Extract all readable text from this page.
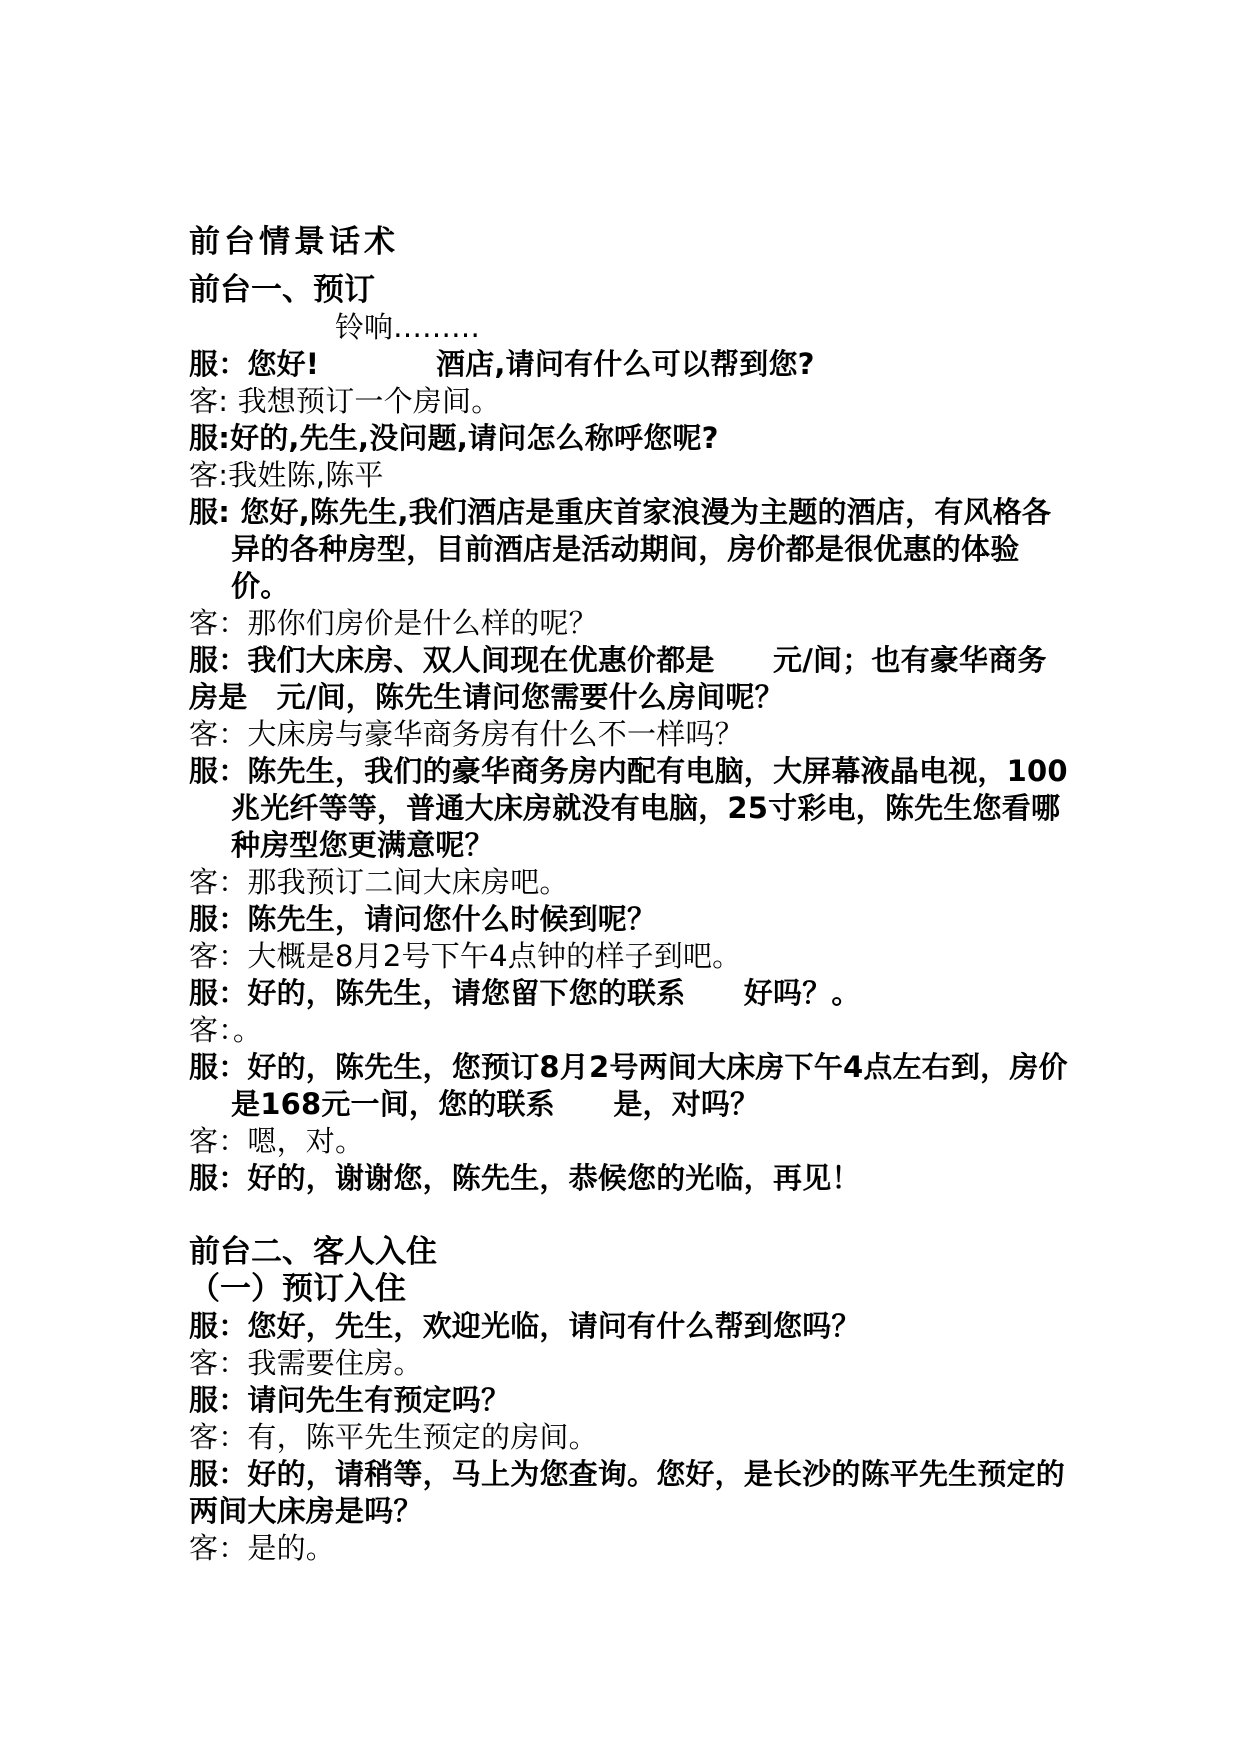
前台情景话术
前台一、预订
铃响………
服：您好!　　　　酒店,请问有什么可以帮到您?
客: 我想预订一个房间。
服:好的,先生,没问题,请问怎么称呼您呢?
客:我姓陈,陈平
服: 您好,陈先生,我们酒店是重庆首家浪漫为主题的酒店，有风格各异的各种房型，目前酒店是活动期间，房价都是很优惠的体验价。
客：那你们房价是什么样的呢？
服：我们大床房、双人间现在优惠价都是　　元/间；也有豪华商务房是　元/间，陈先生请问您需要什么房间呢？
客：大床房与豪华商务房有什么不一样吗？
服：陈先生，我们的豪华商务房内配有电脑，大屏幕液晶电视，100兆光纤等等，普通大床房就没有电脑，25寸彩电，陈先生您看哪种房型您更满意呢？
客：那我预订二间大床房吧。
服：陈先生，请问您什么时候到呢？
客：大概是8月2号下午4点钟的样子到吧。
服：好的，陈先生，请您留下您的联系　　好吗？。
客：。
服：好的，陈先生，您预订8月2号两间大床房下午4点左右到，房价是168元一间，您的联系　　是，对吗？
客：嗯，对。
服：好的，谢谢您，陈先生，恭候您的光临，再见！
前台二、客人入住
（一）预订入住
服：您好，先生，欢迎光临，请问有什么帮到您吗？
客：我需要住房。
服：请问先生有预定吗？
客：有，陈平先生预定的房间。
服：好的，请稍等，马上为您查询。您好，是长沙的陈平先生预定的两间大床房是吗？
客：是的。
